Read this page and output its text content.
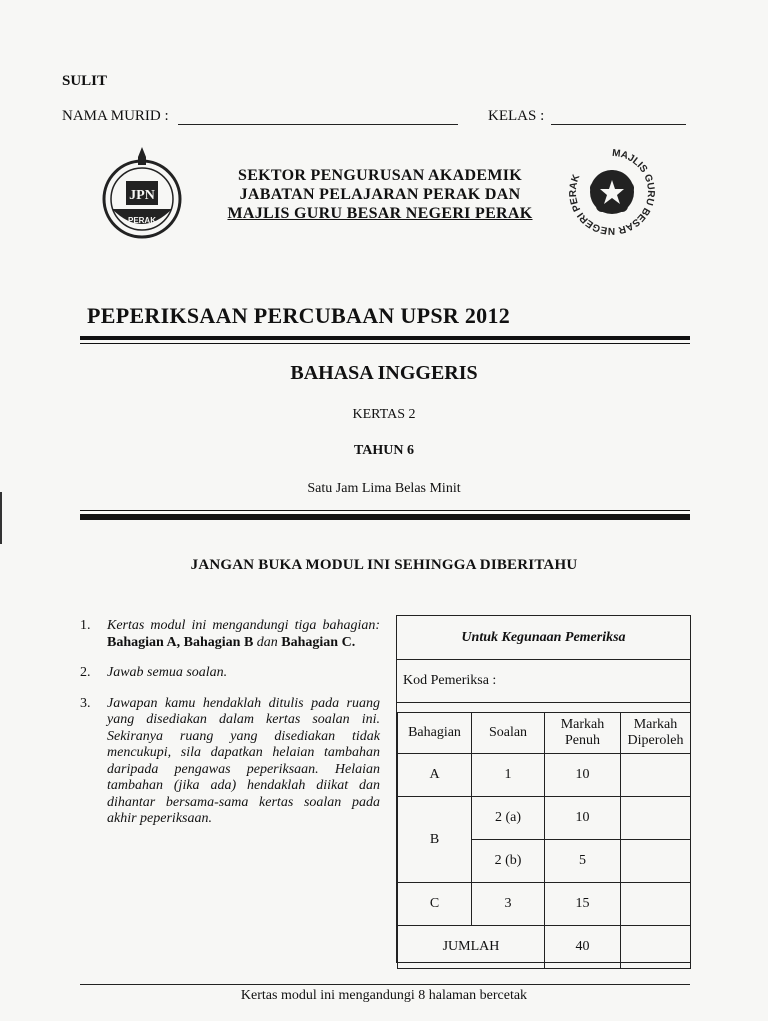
SULIT
NAMA MURID :	KELAS :
JPN
PERAK
SEKTOR PENGURUSAN AKADEMIK
JABATAN PELAJARAN PERAK DAN
MAJLIS GURU BESAR NEGERI PERAK
MAJLIS GURU BESAR NEGERI PERAK
PEPERIKSAAN PERCUBAAN UPSR 2012
BAHASA INGGERIS
KERTAS 2
TAHUN 6
Satu Jam Lima Belas Minit
JANGAN BUKA MODUL INI SEHINGGA DIBERITAHU
1. Kertas modul ini mengandungi tiga bahagian: Bahagian A, Bahagian B dan Bahagian C.
2. Jawab semua soalan.
3. Jawapan kamu hendaklah ditulis pada ruang yang disediakan dalam kertas soalan ini. Sekiranya ruang yang disediakan tidak mencukupi, sila dapatkan helaian tambahan daripada pengawas peperiksaan. Helaian tambahan (jika ada) hendaklah diikat dan dihantar bersama-sama kertas soalan pada akhir peperiksaan.
Untuk Kegunaan Pemeriksa
Kod Pemeriksa :
Bahagian	Soalan	Markah Penuh	Markah Diperoleh
A	1	10	
B	2 (a)	10	
	2 (b)	5	
C	3	15	
JUMLAH		40	
Kertas modul ini mengandungi 8 halaman bercetak
